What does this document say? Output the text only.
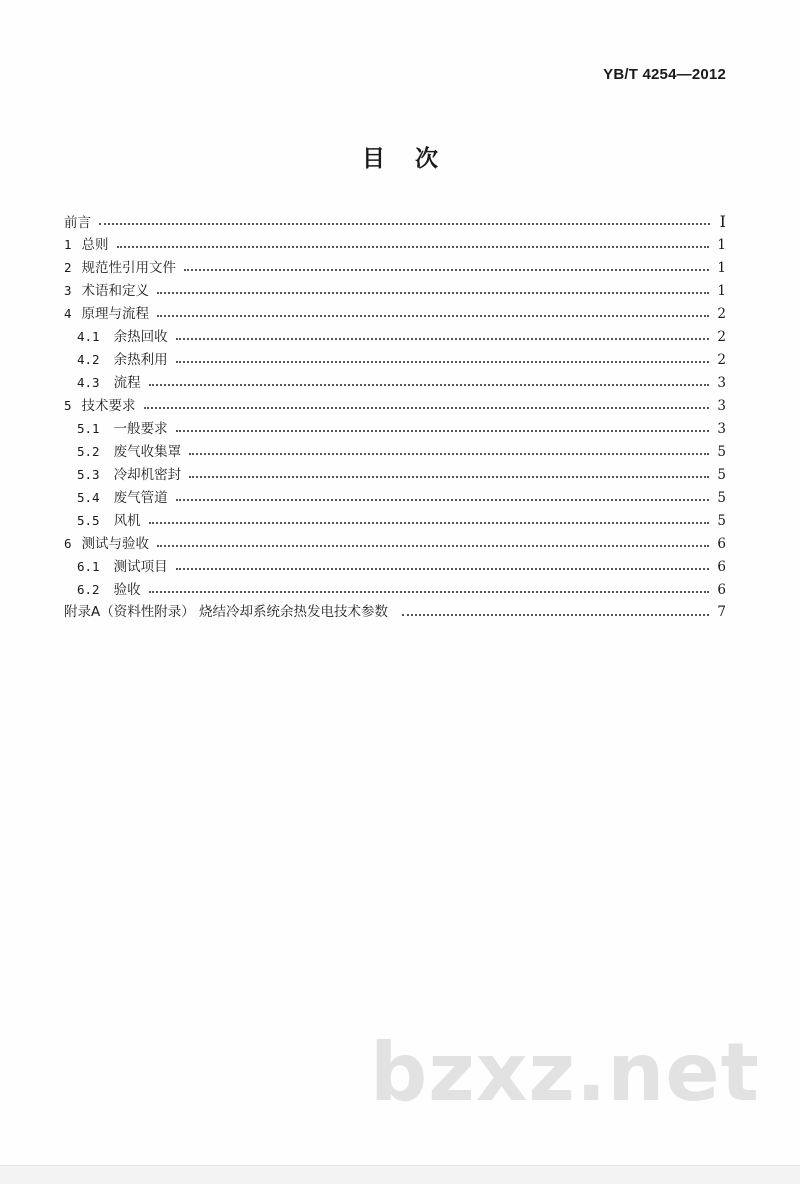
YB/T 4254—2012
目次
前言	I
1 总则	1
2 规范性引用文件	1
3 术语和定义	1
4 原理与流程	2
4.1 余热回收	2
4.2 余热利用	2
4.3 流程	3
5 技术要求	3
5.1 一般要求	3
5.2 废气收集罩	5
5.3 冷却机密封	5
5.4 废气管道	5
5.5 风机	5
6 测试与验收	6
6.1 测试项目	6
6.2 验收	6
附录A（资料性附录） 烧结冷却系统余热发电技术参数	7
bzxz.net
